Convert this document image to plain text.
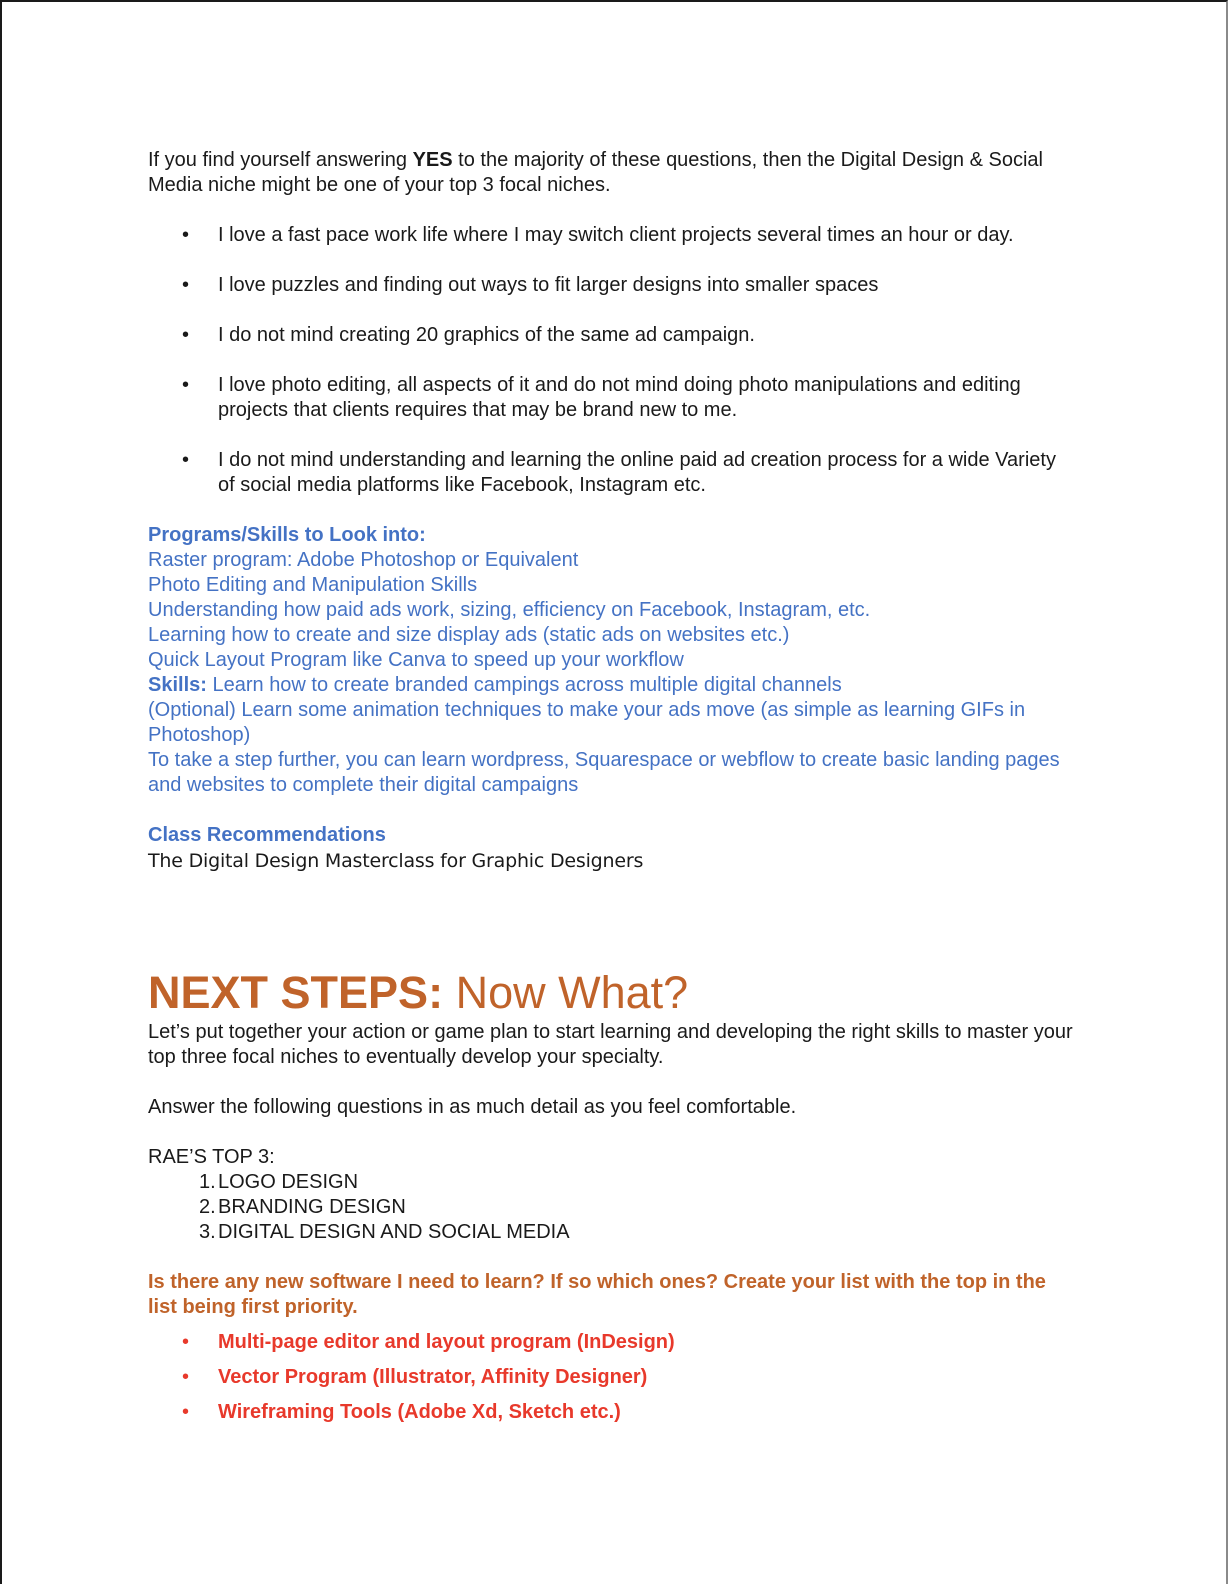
If you find yourself answering YES to the majority of these questions, then the Digital Design & Social Media niche might be one of your top 3 focal niches.

• I love a fast pace work life where I may switch client projects several times an hour or day.
• I love puzzles and finding out ways to fit larger designs into smaller spaces
• I do not mind creating 20 graphics of the same ad campaign.
• I love photo editing, all aspects of it and do not mind doing photo manipulations and editing projects that clients requires that may be brand new to me.
• I do not mind understanding and learning the online paid ad creation process for a wide Variety of social media platforms like Facebook, Instagram etc.

Programs/Skills to Look into:

Raster program: Adobe Photoshop or Equivalent

Photo Editing and Manipulation Skills

Understanding how paid ads work, sizing, efficiency on Facebook, Instagram, etc.

Learning how to create and size display ads (static ads on websites etc.)

Quick Layout Program like Canva to speed up your workflow

Skills: Learn how to create branded campings across multiple digital channels

(Optional) Learn some animation techniques to make your ads move (as simple as learning GIFs in Photoshop)

To take a step further, you can learn wordpress, Squarespace or webflow to create basic landing pages and websites to complete their digital campaigns

Class Recommendations

The Digital Design Masterclass for Graphic Designers

NEXT STEPS: Now What?

Let’s put together your action or game plan to start learning and developing the right skills to master your top three focal niches to eventually develop your specialty.

Answer the following questions in as much detail as you feel comfortable.

RAE’S TOP 3:

1. LOGO DESIGN
2. BRANDING DESIGN
3. DIGITAL DESIGN AND SOCIAL MEDIA

Is there any new software I need to learn? If so which ones? Create your list with the top in the list being first priority.

• Multi-page editor and layout program (InDesign)
• Vector Program (Illustrator, Affinity Designer)
• Wireframing Tools (Adobe Xd, Sketch etc.)
